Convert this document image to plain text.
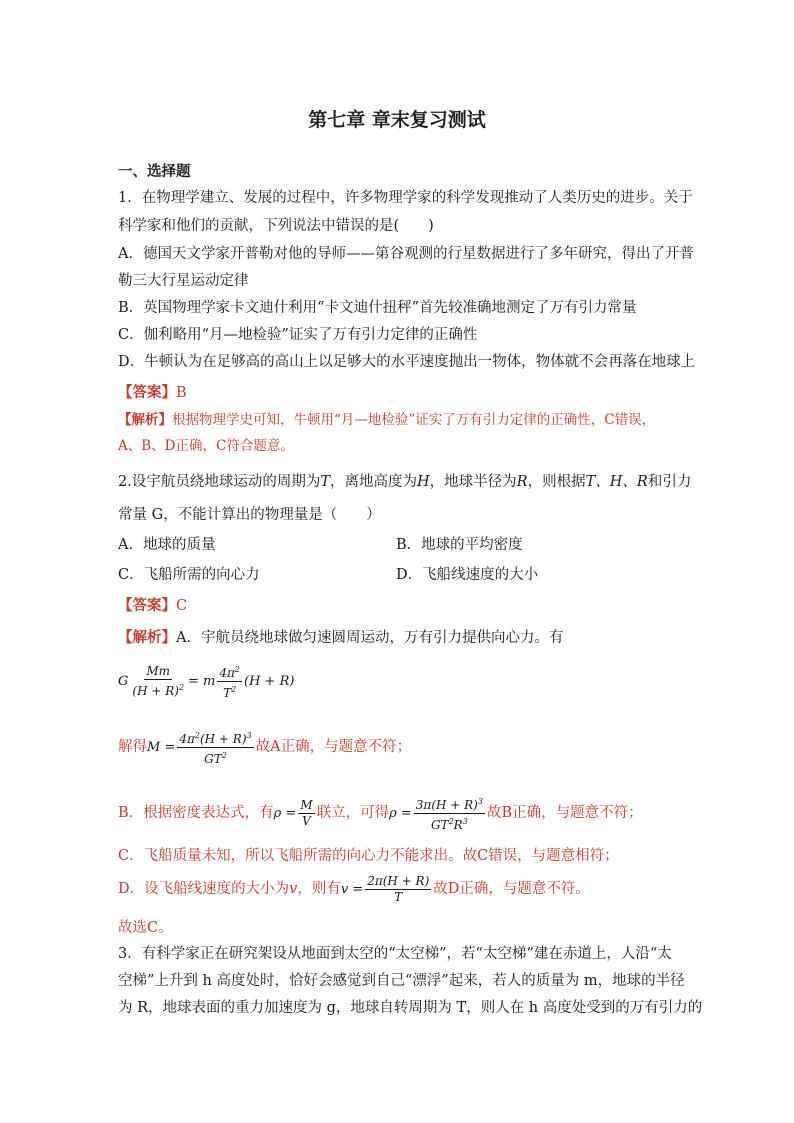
第七章 章末复习测试
一、选择题
1．在物理学建立、发展的过程中，许多物理学家的科学发现推动了人类历史的进步。关于
科学家和他们的贡献，下列说法中错误的是(　　)
A．德国天文学家开普勒对他的导师——第谷观测的行星数据进行了多年研究，得出了开普
勒三大行星运动定律
B．英国物理学家卡文迪什利用“卡文迪什扭秤”首先较准确地测定了万有引力常量
C．伽利略用“月—地检验”证实了万有引力定律的正确性
D．牛顿认为在足够高的高山上以足够大的水平速度抛出一物体，物体就不会再落在地球上
【答案】B
【解析】根据物理学史可知，牛顿用“月—地检验”证实了万有引力定律的正确性，C错误，
A、B、D正确，C符合题意。
2.设宇航员绕地球运动的周期为T，离地高度为H，地球半径为R，则根据T、H、R和引力
常量 G，不能计算出的物理量是（　　）
A．地球的质量	B．地球的平均密度
C．飞船所需的向心力	D．飞船线速度的大小
【答案】C
【解析】A．宇航员绕地球做匀速圆周运动，万有引力提供向心力。有
G $\frac{Mm}{(H + R)^2} = m \frac{4\pi^2}{T^2} (H + R)$
解得$M = \frac{4\pi^2(H + R)^3}{GT^2}$ 故A正确，与题意不符；
B．根据密度表达式，有$\rho = \frac{M}{V}$ 联立，可得$\rho = \frac{3\pi(H + R)^3}{GT^2R^3}$ 故B正确，与题意不符；
C．飞船质量未知，所以飞船所需的向心力不能求出。故C错误，与题意相符；
D．设飞船线速度的大小为v，则有$v = \frac{2\pi(H + R)}{T}$ 故D正确，与题意不符。
故选C。
3．有科学家正在研究架设从地面到太空的“太空梯”，若“太空梯”建在赤道上，人沿“太
空梯”上升到 h 高度处时，恰好会感觉到自己“漂浮”起来，若人的质量为 m，地球的半径
为 R，地球表面的重力加速度为 g，地球自转周期为 T，则人在 h 高度处受到的万有引力的
